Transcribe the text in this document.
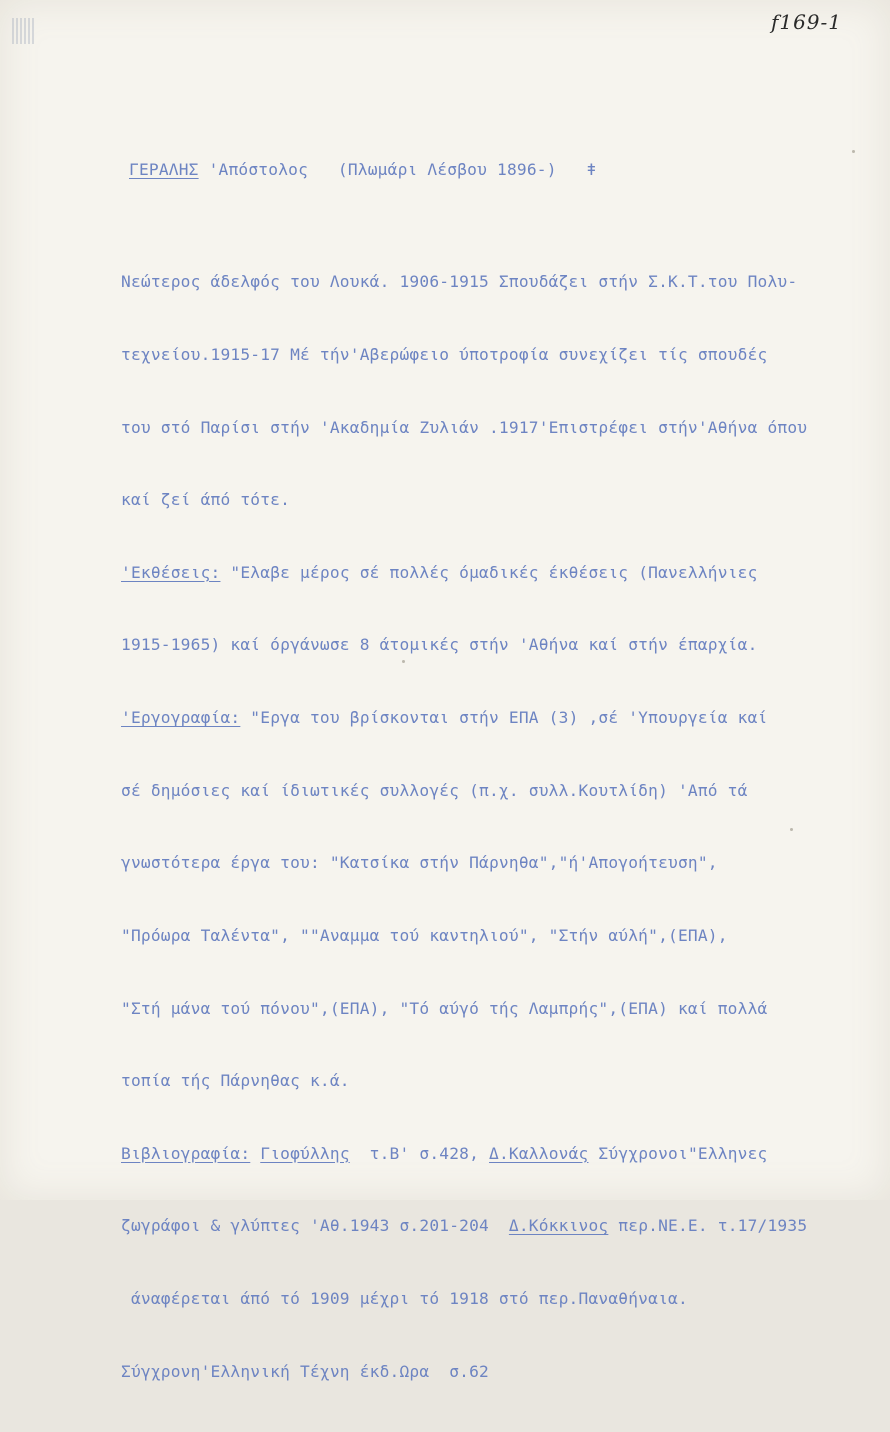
f169-1
ΓΕΡΑΛΗΣ 'Απόστολος (Πλωμάρι Λέσβου 1896-) ǂ

Νεώτερος άδελφός του Λουκά. 1906-1915 Σπουδάζει στήν Σ.Κ.Τ.του Πολυ-

τεχνείου.1915-17 Μέ τήν'Αβερώφειο ύποτροφία συνεχίζει τίς σπουδές

του στό Παρίσι στήν 'Ακαδημία Ζυλιάν .1917'Επιστρέφει στήν'Αθήνα όπου

καί ζεί άπό τότε.

'Εκθέσεις: "Ελαβε μέρος σέ πολλές όμαδικές έκθέσεις (Πανελλήνιες

1915-1965) καί όργάνωσε 8 άτομικές στήν 'Αθήνα καί στήν έπαρχία.

'Εργογραφία: "Εργα του βρίσκονται στήν ΕΠΑ (3) ,σέ 'Υπουργεία καί

σέ δημόσιες καί ίδιωτικές συλλογές (π.χ. συλλ.Κουτλίδη) 'Από τά

γνωστότερα έργα του: "Κατσίκα στήν Πάρνηθα","ή'Απογοήτευση",

"Πρόωρα Ταλέντα", ""Αναμμα τού καντηλιού", "Στήν αύλή",(ΕΠΑ),

"Στή μάνα τού πόνου",(ΕΠΑ), "Τό αύγό τής Λαμπρής",(ΕΠΑ) καί πολλά

τοπία τής Πάρνηθας κ.ά.

Βιβλιογραφία: Γιοφύλλης  τ.Β' σ.428, Δ.Καλλονάς Σύγχρονοι"Ελληνες

ζωγράφοι & γλύπτες 'Αθ.1943 σ.201-204  Δ.Κόκκινος περ.ΝΕ.Ε. τ.17/1935

άναφέρεται άπό τό 1909 μέχρι τό 1918 στό περ.Παναθήναια.

Σύγχρονη'Ελληνική Τέχνη έκδ.Ωρα  σ.62
